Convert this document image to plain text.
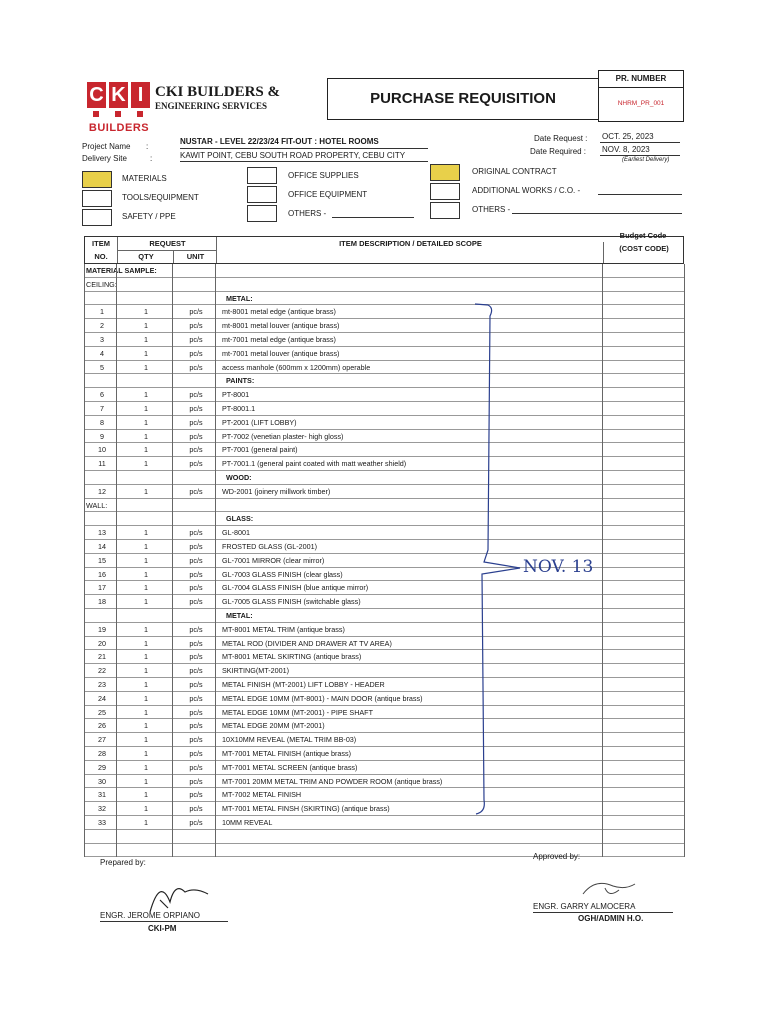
C K I
BUILDERS
CKI BUILDERS &
ENGINEERING SERVICES	PURCHASE REQUISITION
PR. NUMBER
NHRM_PR_001
Project Name :
NUSTAR - LEVEL 22/23/24 FIT-OUT : HOTEL ROOMS
Delivery Site	:	KAWIT POINT, CEBU SOUTH ROAD PROPERTY, CEBU CITY
Date Request : OCT. 25, 2023
Date Required : NOV. 8, 2023
(Earliest Delivery)
MATERIALS
TOOLS/EQUIPMENT
SAFETY / PPE
OFFICE SUPPLIES
OFFICE EQUIPMENT
OTHERS -
ORIGINAL CONTRACT
ADDITIONAL WORKS / C.O. -
OTHERS -
ITEM
NO.
REQUEST
QTY	UNIT
ITEM DESCRIPTION / DETAILED SCOPE
Budget Code
(COST CODE)
MATERIAL SAMPLE:
CEILING:
METAL:
1	1	pc/s	mt-8001 metal edge (antique brass)
2	1	pc/s	mt-8001 metal louver (antique brass)
3	1	pc/s	mt-7001 metal edge (antique brass)
4	1	pc/s	mt-7001 metal louver (antique brass)
5	1	pc/s	access manhole (600mm x 1200mm) operable
PAINTS:
6	1	pc/s	PT-8001
7	1	pc/s	PT-8001.1
8	1	pc/s	PT-2001 (LIFT LOBBY)
9	1	pc/s	PT-7002 (venetian plaster- high gloss)
10	1	pc/s	PT-7001 (general paint)
11	1	pc/s	PT-7001.1 (general paint coated with matt weather shield)
WOOD:
12	1	pc/s	WD-2001 (joinery millwork timber)
WALL:
GLASS:
13	1	pc/s	GL-8001
14	1	pc/s	FROSTED GLASS (GL-2001)
15	1	pc/s	GL-7001 MIRROR (clear mirror)
16	1	pc/s	GL-7003 GLASS FINISH (clear glass)
17	1	pc/s	GL-7004 GLASS FINISH (blue antique mirror)
18	1	pc/s	GL-7005 GLASS FINISH (switchable glass)
METAL:
19	1	pc/s	MT-8001 METAL TRIM (antique brass)
20	1	pc/s	METAL ROD (DIVIDER AND DRAWER AT TV AREA)
21	1	pc/s	MT-8001 METAL SKIRTING (antique brass)
22	1	pc/s	SKIRTING(MT-2001)
23	1	pc/s	METAL FINISH (MT-2001) LIFT LOBBY - HEADER
24	1	pc/s	METAL EDGE 10MM (MT-8001) - MAIN DOOR (antique brass)
25	1	pc/s	METAL EDGE 10MM (MT-2001) - PIPE SHAFT
26	1	pc/s	METAL EDGE 20MM (MT-2001)
27	1	pc/s	10X10MM REVEAL (METAL TRIM BB-03)
28	1	pc/s	MT-7001 METAL FINISH (antique brass)
29	1	pc/s	MT-7001 METAL SCREEN (antique brass)
30	1	pc/s	MT-7001 20MM METAL TRIM AND POWDER ROOM (antique brass)
31	1	pc/s	MT-7002 METAL FINISH
32	1	pc/s	MT-7001 METAL FINSH (SKIRTING) (antique brass)
33	1	pc/s	10MM REVEAL
NOV. 13
Prepared by:
ENGR. JEROME ORPIANO
CKI-PM
Approved by:
ENGR. GARRY ALMOCERA
OGH/ADMIN H.O.
